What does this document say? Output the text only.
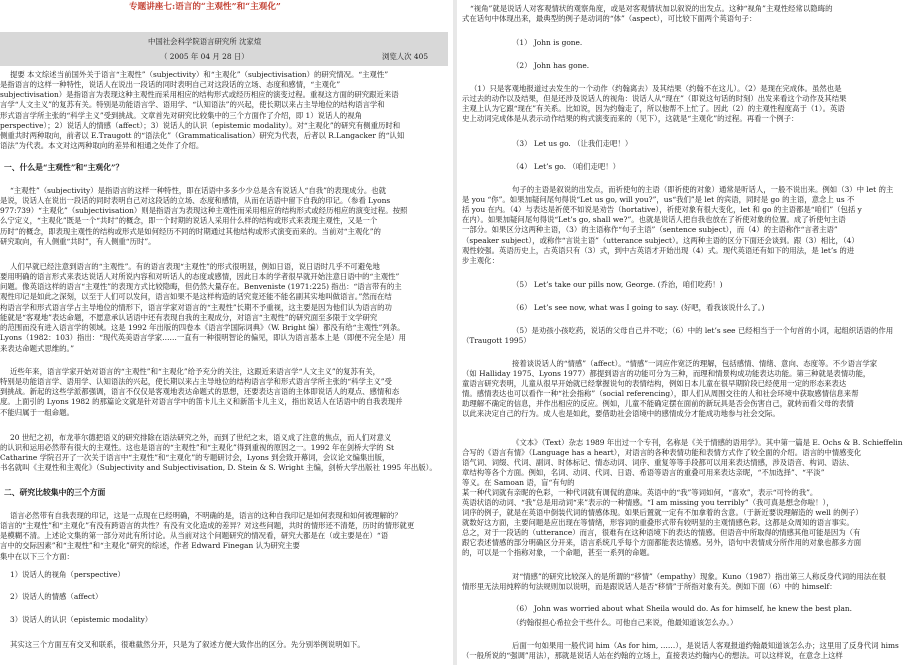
专题讲座七:语言的“主观性”和“主观化”
中国社会科学院语言研究所 沈家煊
（ 2005 年 04 月 28 日）	浏览人次 405
提要 本文综述当前国外关于语言“主观性”（subjectivity）和“主观化”（subjectivisation）的研究情况。“主观性”
是指语言的这样一种特性，说话人在说出一段话的同时表明自己对这段话的立场、态度和感情，“主观化”
subjectivisation）是指语言为表现这种主观性而采用相应的结构形式或经历相应的演变过程。重视这方面的研究跟近来语
言学“人文主义”的复苏有关。特别是功能语言学、语用学、“认知语法”的兴起，使长期以来占主导地位的结构语言学和
形式语言学所主张的“科学主义”受到挑战。文章首先对研究比较集中的三个方面作了介绍，即 1）说话人的视角
perspective）；2）说话人的情感（affect）；3）说话人的认识（epistemic modality）。对“主观化”的研究有侧重历时和
侧重共时两种取向，前者以 E.Traugott 的“语法化”（Grammaticalisation）研究为代表，后者以 R.Langacker 的“认知
语法”为代表。本文对这两种取向的差异和相通之处作了介绍。
一、什么是“主观性”和“主观化”？
“主观性”（subjectivity）是指语言的这样一种特性，即在话语中多多少少总是含有说话人“自我”的表现成分。也就
是说，说话人在说出一段话的同时表明自己对这段话的立场、态度和感情，从而在话语中留下自我的印记。（参看 Lyons
977:739）“主观化”（subjectivisation）则是指语言为表现这种主观性而采用相应的结构形式或经历相应的演变过程。按照
么宁定义，“主观化”既是一个“共时”的概念，即一个时期的说话人采用什么样的结构或形式来表现主观性，又是一个
历时”的概念，即表现主观性的结构或形式是如何经历不同的时期通过其他结构或形式演变而来的。当前对“主观化”的
研究取向，有人侧重“共时”，有人侧重“历时”。
人们早就已经注意到语言的“主观性”。有的语言表现“主观性”的形式很明显，例如日语，说日语时几乎不可避免地
要用明确的语言形式来表达说话人对所说内容和对听话人的态度或感情，因此日本的学者很早就开始注意日语中的“主观性”
问题。像英语这样的语言“主观性”的表现方式比较隐晦，但仍然大量存在。Benveniste (1971:225) 指出：“语言带有的主
观性印记是如此之深刻，以至于人们可以发问，语言如果不是这样构造的话究竟还能不能名副其实地叫做语言。”然而在结
构语言学和形式语言学占主导地位的情形下，语言学家对语言的“主观性”长期不予重视，这主要是因为他们认为语言的功
能就是“客观地”表达命题，不愿意承认话语中还有表现自我的主观成分，对语言“主观性”的研究面至多限于文学研究
的范围而没有进入语言学的领域。这是 1992 年出版的四卷本《语言学国际词典》（W. Bright 编）都没有给“主观性”列条。
Lyons（1982：103）指出：“现代英美语言学家……一直有一种很明智论的偏见，即认为语言基本上是（即便不完全是）用
来表达命题式思维的。”
近些年来，语言学家开始对语言的“主观性”和“主观化”给予充分的关注，这跟近来语言学“人文主义”的复苏有关，
特别是功能语言学、语用学、认知语法的兴起，使长期以来占主导地位的结构语言学和形式语言学所主张的“科学主义”受
到挑战。新起的这些学派都强调，语言不仅仅是客观地表达命题式的思想，还要表达言语的主体即说话人的观点、感情和态
度。上面引的 Lyons 1982 的那篇论文就是针对语言学中的笛卡儿主义和新笛卡儿主义，指出说话人在话语中的自我表现并
不能归属于一组命题。
20 世纪之初，布龙菲尔德把语义的研究排除在语法研究之外，而到了世纪之末，语义成了注意的焦点，而人们对意义
的认识和运用必然带有很大的主观性。这也是语言的“主观性”和“主观化”得到重视的原因之一。1992 年在剑桥大学的 St
Catharine 学院召开了一次关于语言中“主观性”和“主观化”的专题研讨会，Lyons 到会致开幕词，会议论文编集出版，
书名就叫《主观性和主观化》（Subjectivity and Subjectivisation, D. Stein & S. Wright 主编，剑桥大学出版社 1995 年出版）。
二、研究比较集中的三个方面
语言必然带有自我表现的印记，这是一点现在已经明确，不明确的是，语言的这种自我印记是如何表现和如何被理解的？
语言的“主观性”和“主观化”有没有跨语言的共性？有没有文化造成的差异？对这些问题，共时的情形还不清楚，历时的情形就更
是模糊不清。上述论文集的第一部分对此有所讨论。从当前对这个问题研究的情况看，研究大都是在（或主要是在）“语
言中的交际因素”和“主观性”和“主观化”研究的综述，作者 Edward Finegan 认为研究主要
集中在以下三个方面：
1）说话人的视角（perspective）
2）说话人的情感（affect）
3）说话人的认识（epistemic modality）
其实这三个方面互有交叉和联系，很难截然分开，只是为了叙述方便大致作出的区分。先分别举例说明如下。
“视角”就是说话人对客观情状的观察角度，或是对客观情状加以叙说的出发点。这种“视角”主观性经常以隐晦的
式在话句中体现出来，最典型的例子是动词的“体”（aspect），可比较下面两个英语句子：
（1） John is gone.
（2） John has gone.
（1）只是客观地报道过去发生的一个动作（约翰离去）及其结果（约翰不在这儿）。（2）是现在完成体。虽然也是
示过去的动作以及结果，但是还涉及说话人的视角：说话人从“现在”（即说这句话的时刻）出发来看这个动作及其结果
主观上认为它跟“现在”有关系。比如说，因为约翰走了，所以他帮不上忙了。因此（2）的主观性程度高于（1）。英语
史上动词完成体是从表示动作结果的构式演变而来的（见下），这就是“主观化”的过程。再看一个例子：
（3） Let us go. （让我们走吧！）
（4） Let’s go. （咱们走吧！）
句子的主语是叙说的出发点，而祈使句的主语（即祈使的对象）通常是听话人，一般不说出来。例如（3）中 let 的主
是 you “你”。如果加疑问尾句得说“Let us go, will you?”，us“我们”是 let 的宾语，同时是 go 的主语，意念上 us 不
括 you 在内。（4）与表达是祈使不如说是劝告（hortative），祈使对象有很大变化，let 和 go 的主语都是“咱们”（包括 y
在内）。如果加疑问尾句得说“Let’s go, shall we?”。也就是说话人把自我也放在了祈使对象的位置。成了祈使句主语
一部分。如果区分这两种主语，（3）的主语称作“句子主语”（sentence subject），而（4）的主语称作“言者主语”
（speaker subject），或称作“言说主语”（utterance subject）。这两种主语的区分下面还会谈到。跟（3）相比，（4）
观性较强。英语历史上，古英语只有（3）式，到中古英语才开始出现（4）式。现代英语还有如下的用法，是 let’s 的进
步主观化：
（5） Let’s take our pills now, George. (乔治，咱们吃药！)
（6） Let’s see now, what was I going to say. (好吧，看我该说什么了。)
（5）是劝孩小孩吃药，说话的父母自己并不吃；（6）中的 let’s see 已经相当于一个句首的小词，起组织话语的作用
（Traugott 1995）
接着谈说话人的“情感”（affect）。“情感”一词应作宽泛的理解，包括感情、情绪、意向、态度等。不少语言学家
（如 Halliday 1975、Lyons 1977）都提到语言的功能可分为三种，而理和情景构成功能表达功能。第三种就是表情功能，
童语言研究表明，儿童从很早开始就已经掌握说句的表情结构，例如日本儿童在很早期阶段已经使用一定的形态来表达
情。感情表达也可以看作一种“社会指称”（social referencing），即人们从周围交往的人和社会环境中获取感情信息来帮
助理解不确定的信息，并作出相应的反应。例如，儿童不能确定摆在面前的新玩具是否会伤害自己，就转而看父母的表情
以此来决定自己的行为。成人也是如此，要借助社会语境中的感情成分才能成功地参与社会交际。
《文本》（Text）杂志 1989 年出过一个专刊，名称是《关于情感的语用学》。其中第一篇是 E. Ochs & B. Schieffelin
合写的《语言有情》（Language has a heart），对语言的各种表情功能和表情方式作了较全面的介绍。语言的中情感变化
语气词、词缀、代词、副词、时体标记、情态动词、词序、重复等等手段都可以用来表达情感，涉及语音、构词、语法、
章结构等各个方面。例如，名词、动词、代词、日语、希语等语言的重叠可用来表达亲昵，“不加选择”、“平淡”
等义。在 Samoan 语，盲“有句的
某一种代词就有亲昵的色彩，一种代词就有调侃的意味。英语中的“我”等词如何，“喜欢”，表示“可怜的我”。
英语状语的动词、“我”总是用动词“来”表示的一种情感。“I am missing you terribly”（我可真是想念你啦！），
词序的例子，就是在英语中倒装代词的情感体现。如果后置就一定有不加拿着的含意。（于新近要说理解造的 well 的例子）
就数好这方面，主要问题是应出现在等情绪，形容词的重叠形式带有较明显的主观情感色彩。这都是众周知的语言事实。
总之，对于一段话的（utterance）而言，很难有在这种语境下的表达的情感。但语音中所取得的情感其他可能是因为（有
跟它表述情感的部分明确区分开来，语言系统几乎每个方面都能表达情感。另外，语句中表情成分所作用的对象也都多方面
的，可以是一个指称对象，一个命题，甚至一系列的命题。
对“情感”的研究比较深入的是所谓的“移情”（empathy）现象。Kuno（1987）指出第三人称反身代词的用法在很
情形里无法用纯粹的句法规则加以说明，而是跟说话人是否“移情”于所指对象有关。例如下面（6）中的 himself：
（6） John was worried about what Sheila would do. As for himself, he knew the best plan.
（约翰很担心希拉会干些什么。可他自己来说，他最知道该怎么办。）
后面一句如果用一般代词 him（As for him, ……），是说话人客观报道约翰最知道该怎么办；这里用了反身代词 hims
（一般所说的“强调”用法），那就是说话人站在约翰的立场上，直接表达约翰内心的想法。可以这样说，在意念上这样
